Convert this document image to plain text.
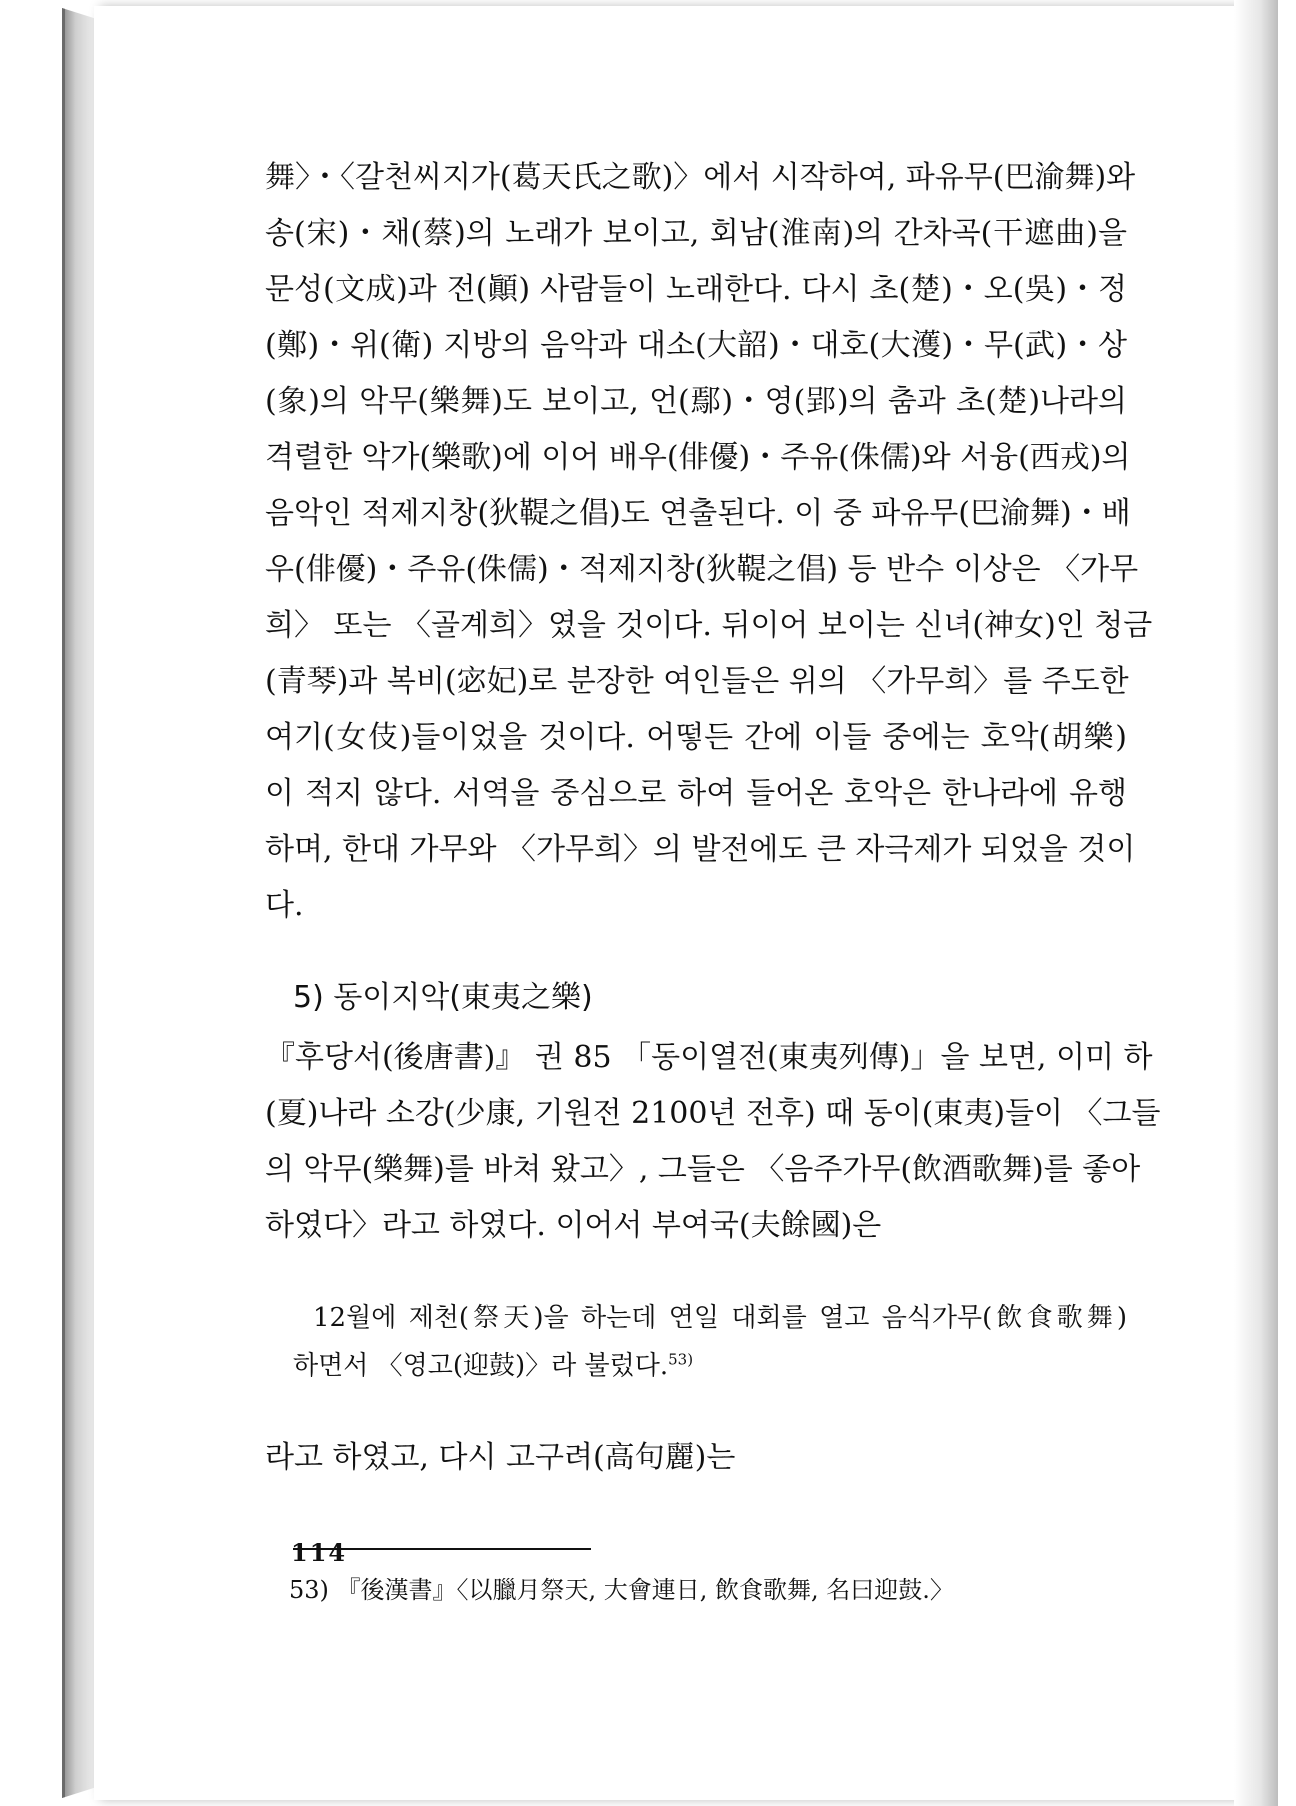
舞〉・〈갈천씨지가(葛天氏之歌)〉에서 시작하여, 파유무(巴渝舞)와

송(宋)・채(蔡)의 노래가 보이고, 회남(淮南)의 간차곡(干遮曲)을

문성(文成)과 전(顚) 사람들이 노래한다. 다시 초(楚)・오(吳)・정

(鄭)・위(衛) 지방의 음악과 대소(大韶)・대호(大濩)・무(武)・상

(象)의 악무(樂舞)도 보이고, 언(鄢)・영(郢)의 춤과 초(楚)나라의

격렬한 악가(樂歌)에 이어 배우(俳優)・주유(侏儒)와 서융(西戎)의

음악인 적제지창(狄鞮之倡)도 연출된다. 이 중 파유무(巴渝舞)・배

우(俳優)・주유(侏儒)・적제지창(狄鞮之倡) 등 반수 이상은 〈가무

희〉 또는 〈골계희〉였을 것이다. 뒤이어 보이는 신녀(神女)인 청금

(青琴)과 복비(宓妃)로 분장한 여인들은 위의 〈가무희〉를 주도한

여기(女伎)들이었을 것이다. 어떻든 간에 이들 중에는 호악(胡樂)

이 적지 않다. 서역을 중심으로 하여 들어온 호악은 한나라에 유행

하며, 한대 가무와 〈가무희〉의 발전에도 큰 자극제가 되었을 것이

다.

5) 동이지악(東夷之樂)

『후당서(後唐書)』 권 85 「동이열전(東夷列傳)」을 보면, 이미 하

(夏)나라 소강(少康, 기원전 2100년 전후) 때 동이(東夷)들이 〈그들

의 악무(樂舞)를 바쳐 왔고〉, 그들은 〈음주가무(飲酒歌舞)를 좋아

하였다〉라고 하였다. 이어서 부여국(夫餘國)은

12월에 제천(祭天)을 하는데 연일 대회를 열고 음식가무(飲食歌舞)

하면서 〈영고(迎鼓)〉라 불렀다.$^{53)}$

라고 하였고, 다시 고구려(高句麗)는

53) 『後漢書』〈以臘月祭天, 大會連日, 飲食歌舞, 名曰迎鼓.〉

114
